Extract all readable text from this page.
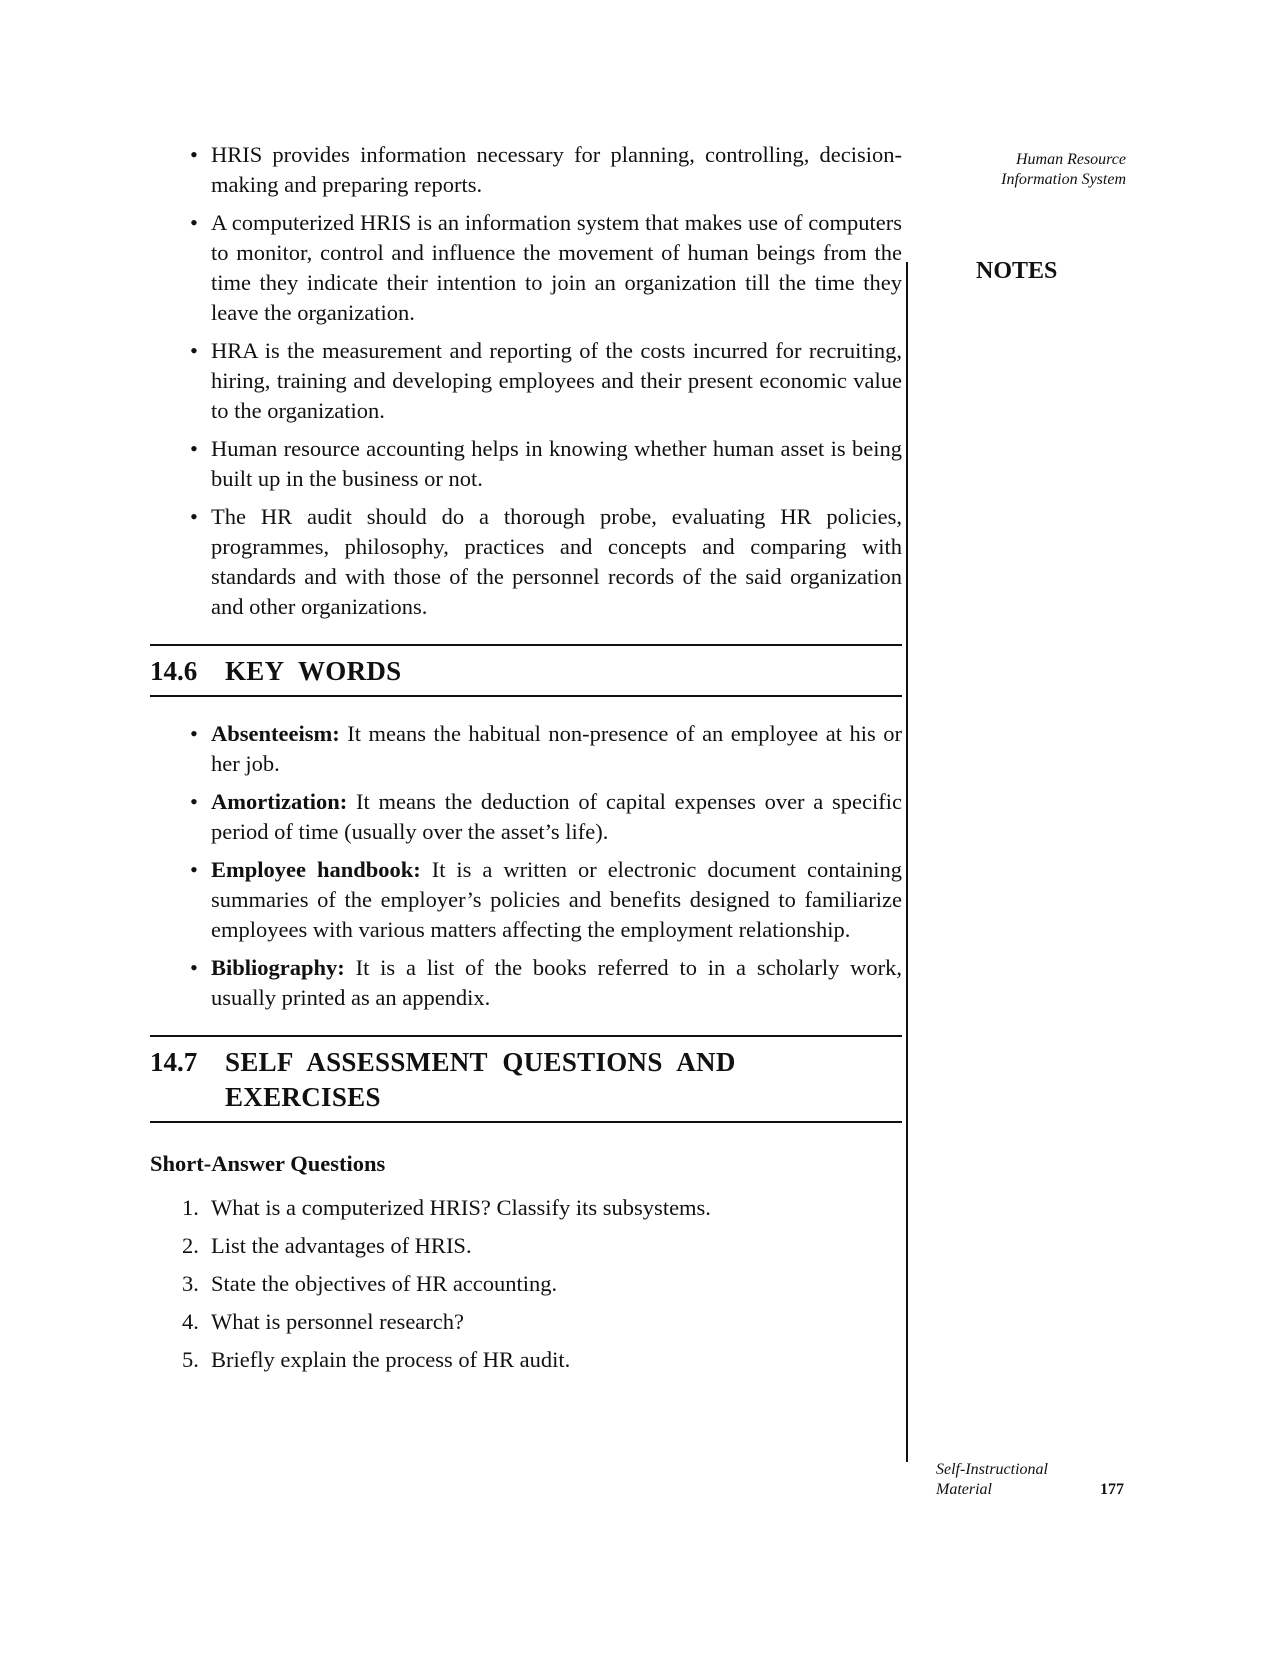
Human Resource
Information System
NOTES
• HRIS provides information necessary for planning, controlling, decision-making and preparing reports.
• A computerized HRIS is an information system that makes use of computers to monitor, control and influence the movement of human beings from the time they indicate their intention to join an organization till the time they leave the organization.
• HRA is the measurement and reporting of the costs incurred for recruiting, hiring, training and developing employees and their present economic value to the organization.
• Human resource accounting helps in knowing whether human asset is being built up in the business or not.
• The HR audit should do a thorough probe, evaluating HR policies, programmes, philosophy, practices and concepts and comparing with standards and with those of the personnel records of the said organization and other organizations.
14.6	KEY WORDS
• Absenteeism: It means the habitual non-presence of an employee at his or her job.
• Amortization: It means the deduction of capital expenses over a specific period of time (usually over the asset’s life).
• Employee handbook: It is a written or electronic document containing summaries of the employer’s policies and benefits designed to familiarize employees with various matters affecting the employment relationship.
• Bibliography: It is a list of the books referred to in a scholarly work, usually printed as an appendix.
14.7	SELF ASSESSMENT QUESTIONS AND EXERCISES
Short-Answer Questions
1. What is a computerized HRIS? Classify its subsystems.
2. List the advantages of HRIS.
3. State the objectives of HR accounting.
4. What is personnel research?
5. Briefly explain the process of HR audit.
Self-Instructional
Material	177
